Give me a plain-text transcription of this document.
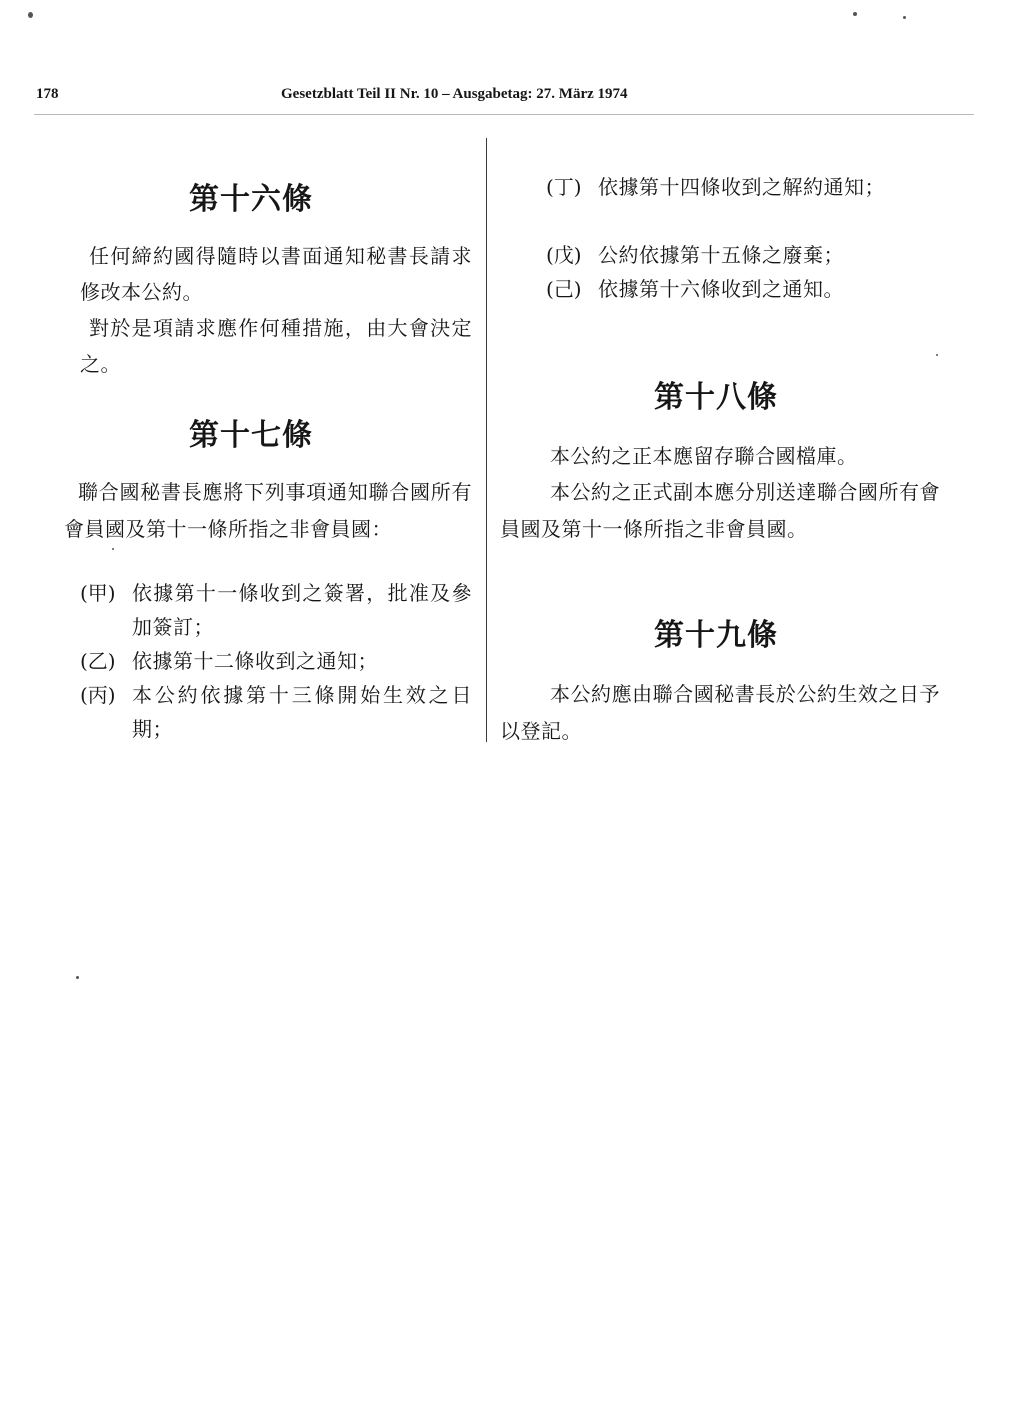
178	Gesetzblatt Teil II Nr. 10 – Ausgabetag: 27. März 1974
第十六條
任何締約國得隨時以書面通知秘書長請求修改本公約。
對於是項請求應作何種措施，由大會決定之。
第十七條
聯合國秘書長應將下列事項通知聯合國所有會員國及第十一條所指之非會員國：
(甲) 依據第十一條收到之簽署，批准及參加簽訂；
(乙) 依據第十二條收到之通知；
(丙) 本公約依據第十三條開始生效之日期；
(丁) 依據第十四條收到之解約通知；
(戊) 公約依據第十五條之廢棄；
(己) 依據第十六條收到之通知。
第十八條
本公約之正本應留存聯合國檔庫。
本公約之正式副本應分別送達聯合國所有會員國及第十一條所指之非會員國。
第十九條
本公約應由聯合國秘書長於公約生效之日予以登記。
